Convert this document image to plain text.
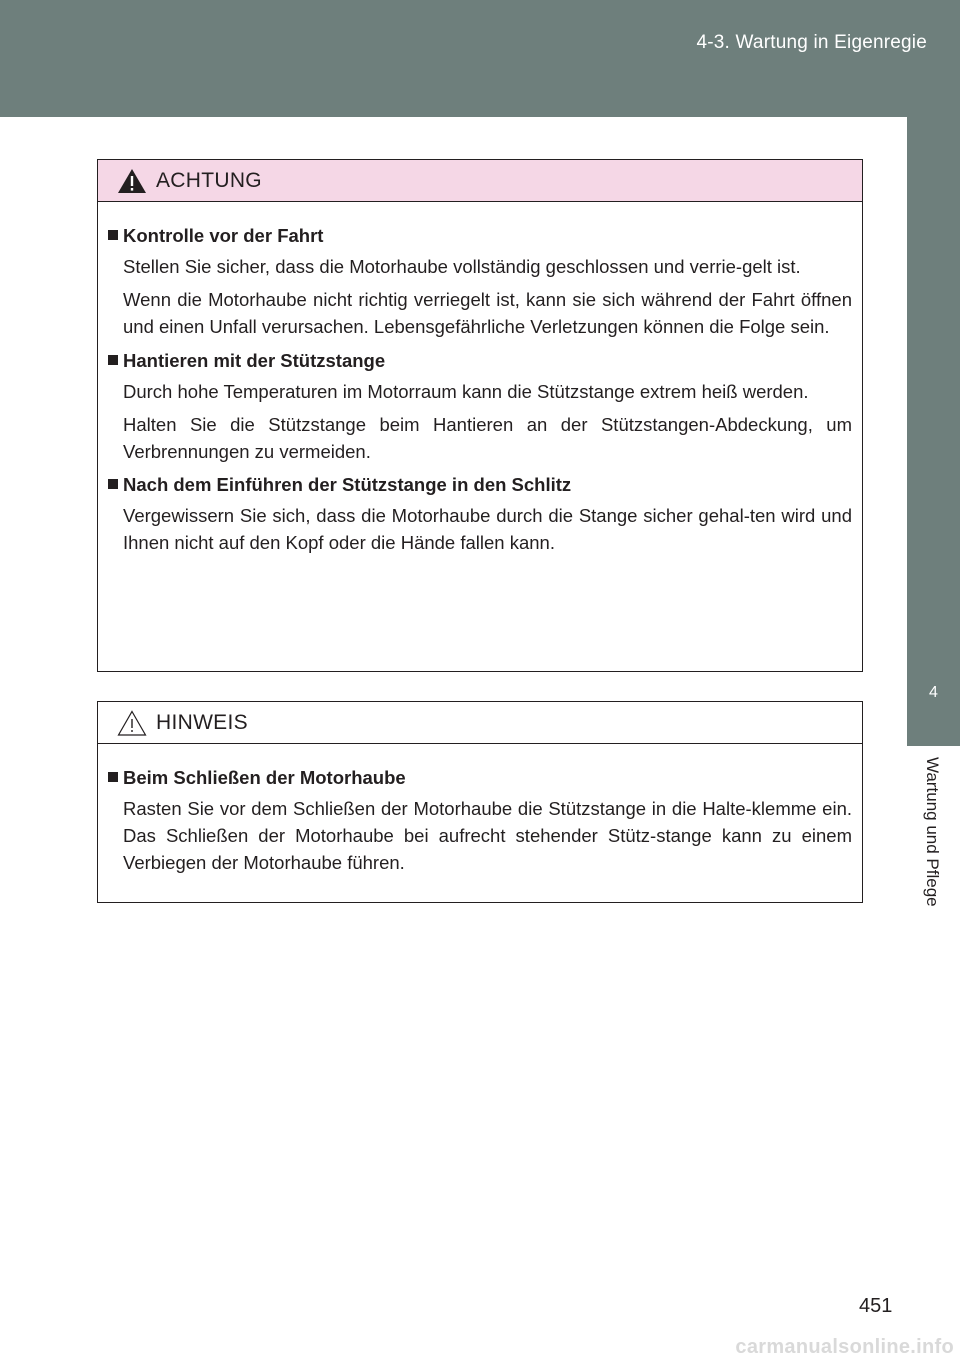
4-3. Wartung in Eigenregie
4
Wartung und Pflege
ACHTUNG
Kontrolle vor der Fahrt

Stellen Sie sicher, dass die Motorhaube vollständig geschlossen und verrie-gelt ist.

Wenn die Motorhaube nicht richtig verriegelt ist, kann sie sich während der Fahrt öffnen und einen Unfall verursachen. Lebensgefährliche Verletzungen können die Folge sein.

Hantieren mit der Stützstange

Durch hohe Temperaturen im Motorraum kann die Stützstange extrem heiß werden.

Halten Sie die Stützstange beim Hantieren an der Stützstangen-Abdeckung, um Verbrennungen zu vermeiden.

Nach dem Einführen der Stützstange in den Schlitz

Vergewissern Sie sich, dass die Motorhaube durch die Stange sicher gehal-ten wird und Ihnen nicht auf den Kopf oder die Hände fallen kann.

HINWEIS
Beim Schließen der Motorhaube

Rasten Sie vor dem Schließen der Motorhaube die Stützstange in die Halte-klemme ein. Das Schließen der Motorhaube bei aufrecht stehender Stütz-stange kann zu einem Verbiegen der Motorhaube führen.

451
carmanualsonline.info
